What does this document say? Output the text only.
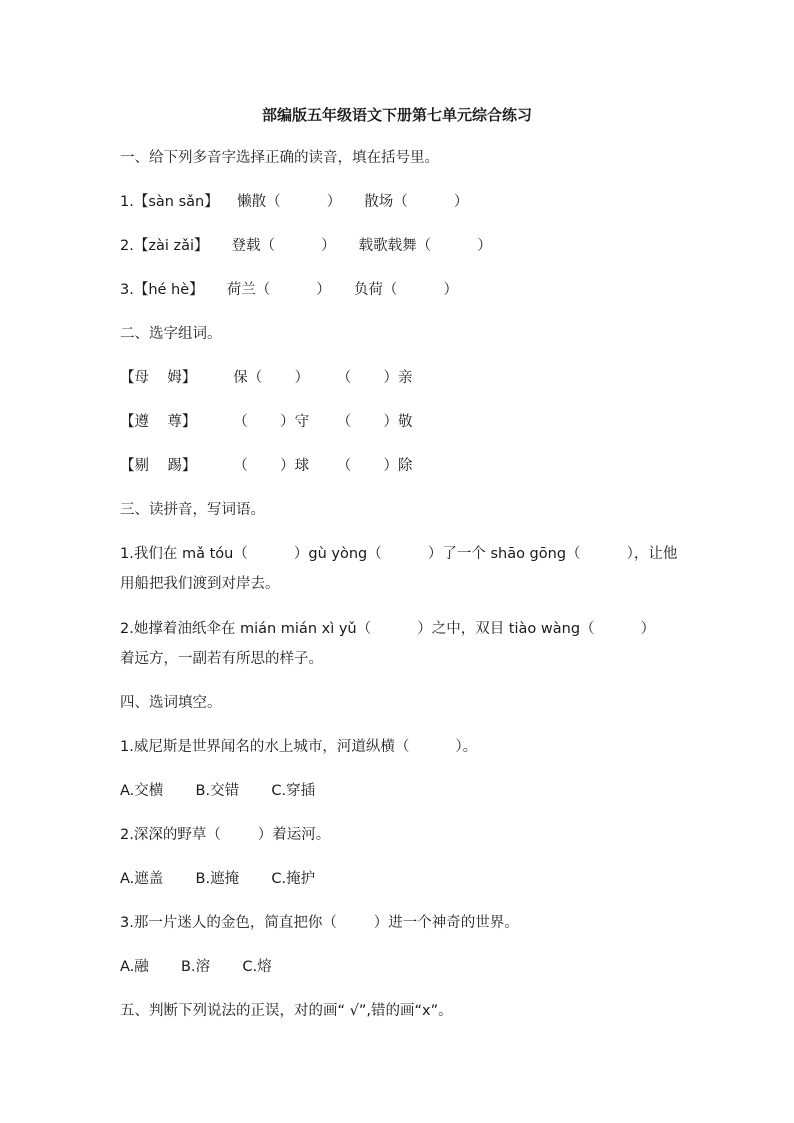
部编版五年级语文下册第七单元综合练习
一、给下列多音字选择正确的读音，填在括号里。
1.【sàn sǎn】    懒散（          ）     散场（          ）
2.【zài zǎi】     登载（          ）     载歌载舞（          ）
3.【hé hè】     荷兰（          ）     负荷（          ）
二、选字组词。
【母    姆】        保（       ）      （       ）亲
【遵    尊】        （       ）守      （       ）敬
【剔    踢】        （       ）球      （       ）除
三、读拼音，写词语。
1.我们在 mǎ tóu（          ）gù yòng（          ）了一个 shāo gōng（          ），让他
用船把我们渡到对岸去。
2.她撑着油纸伞在 mián mián xì yǔ（          ）之中，双目 tiào wàng（          ）
着远方，一副若有所思的样子。
四、选词填空。
1.威尼斯是世界闻名的水上城市，河道纵横（          ）。
A.交横       B.交错       C.穿插
2.深深的野草（        ）着运河。
A.遮盖       B.遮掩       C.掩护
3.那一片迷人的金色，简直把你（        ）进一个神奇的世界。
A.融       B.溶       C.熔
五、判断下列说法的正误，对的画“ √”,错的画“x”。
